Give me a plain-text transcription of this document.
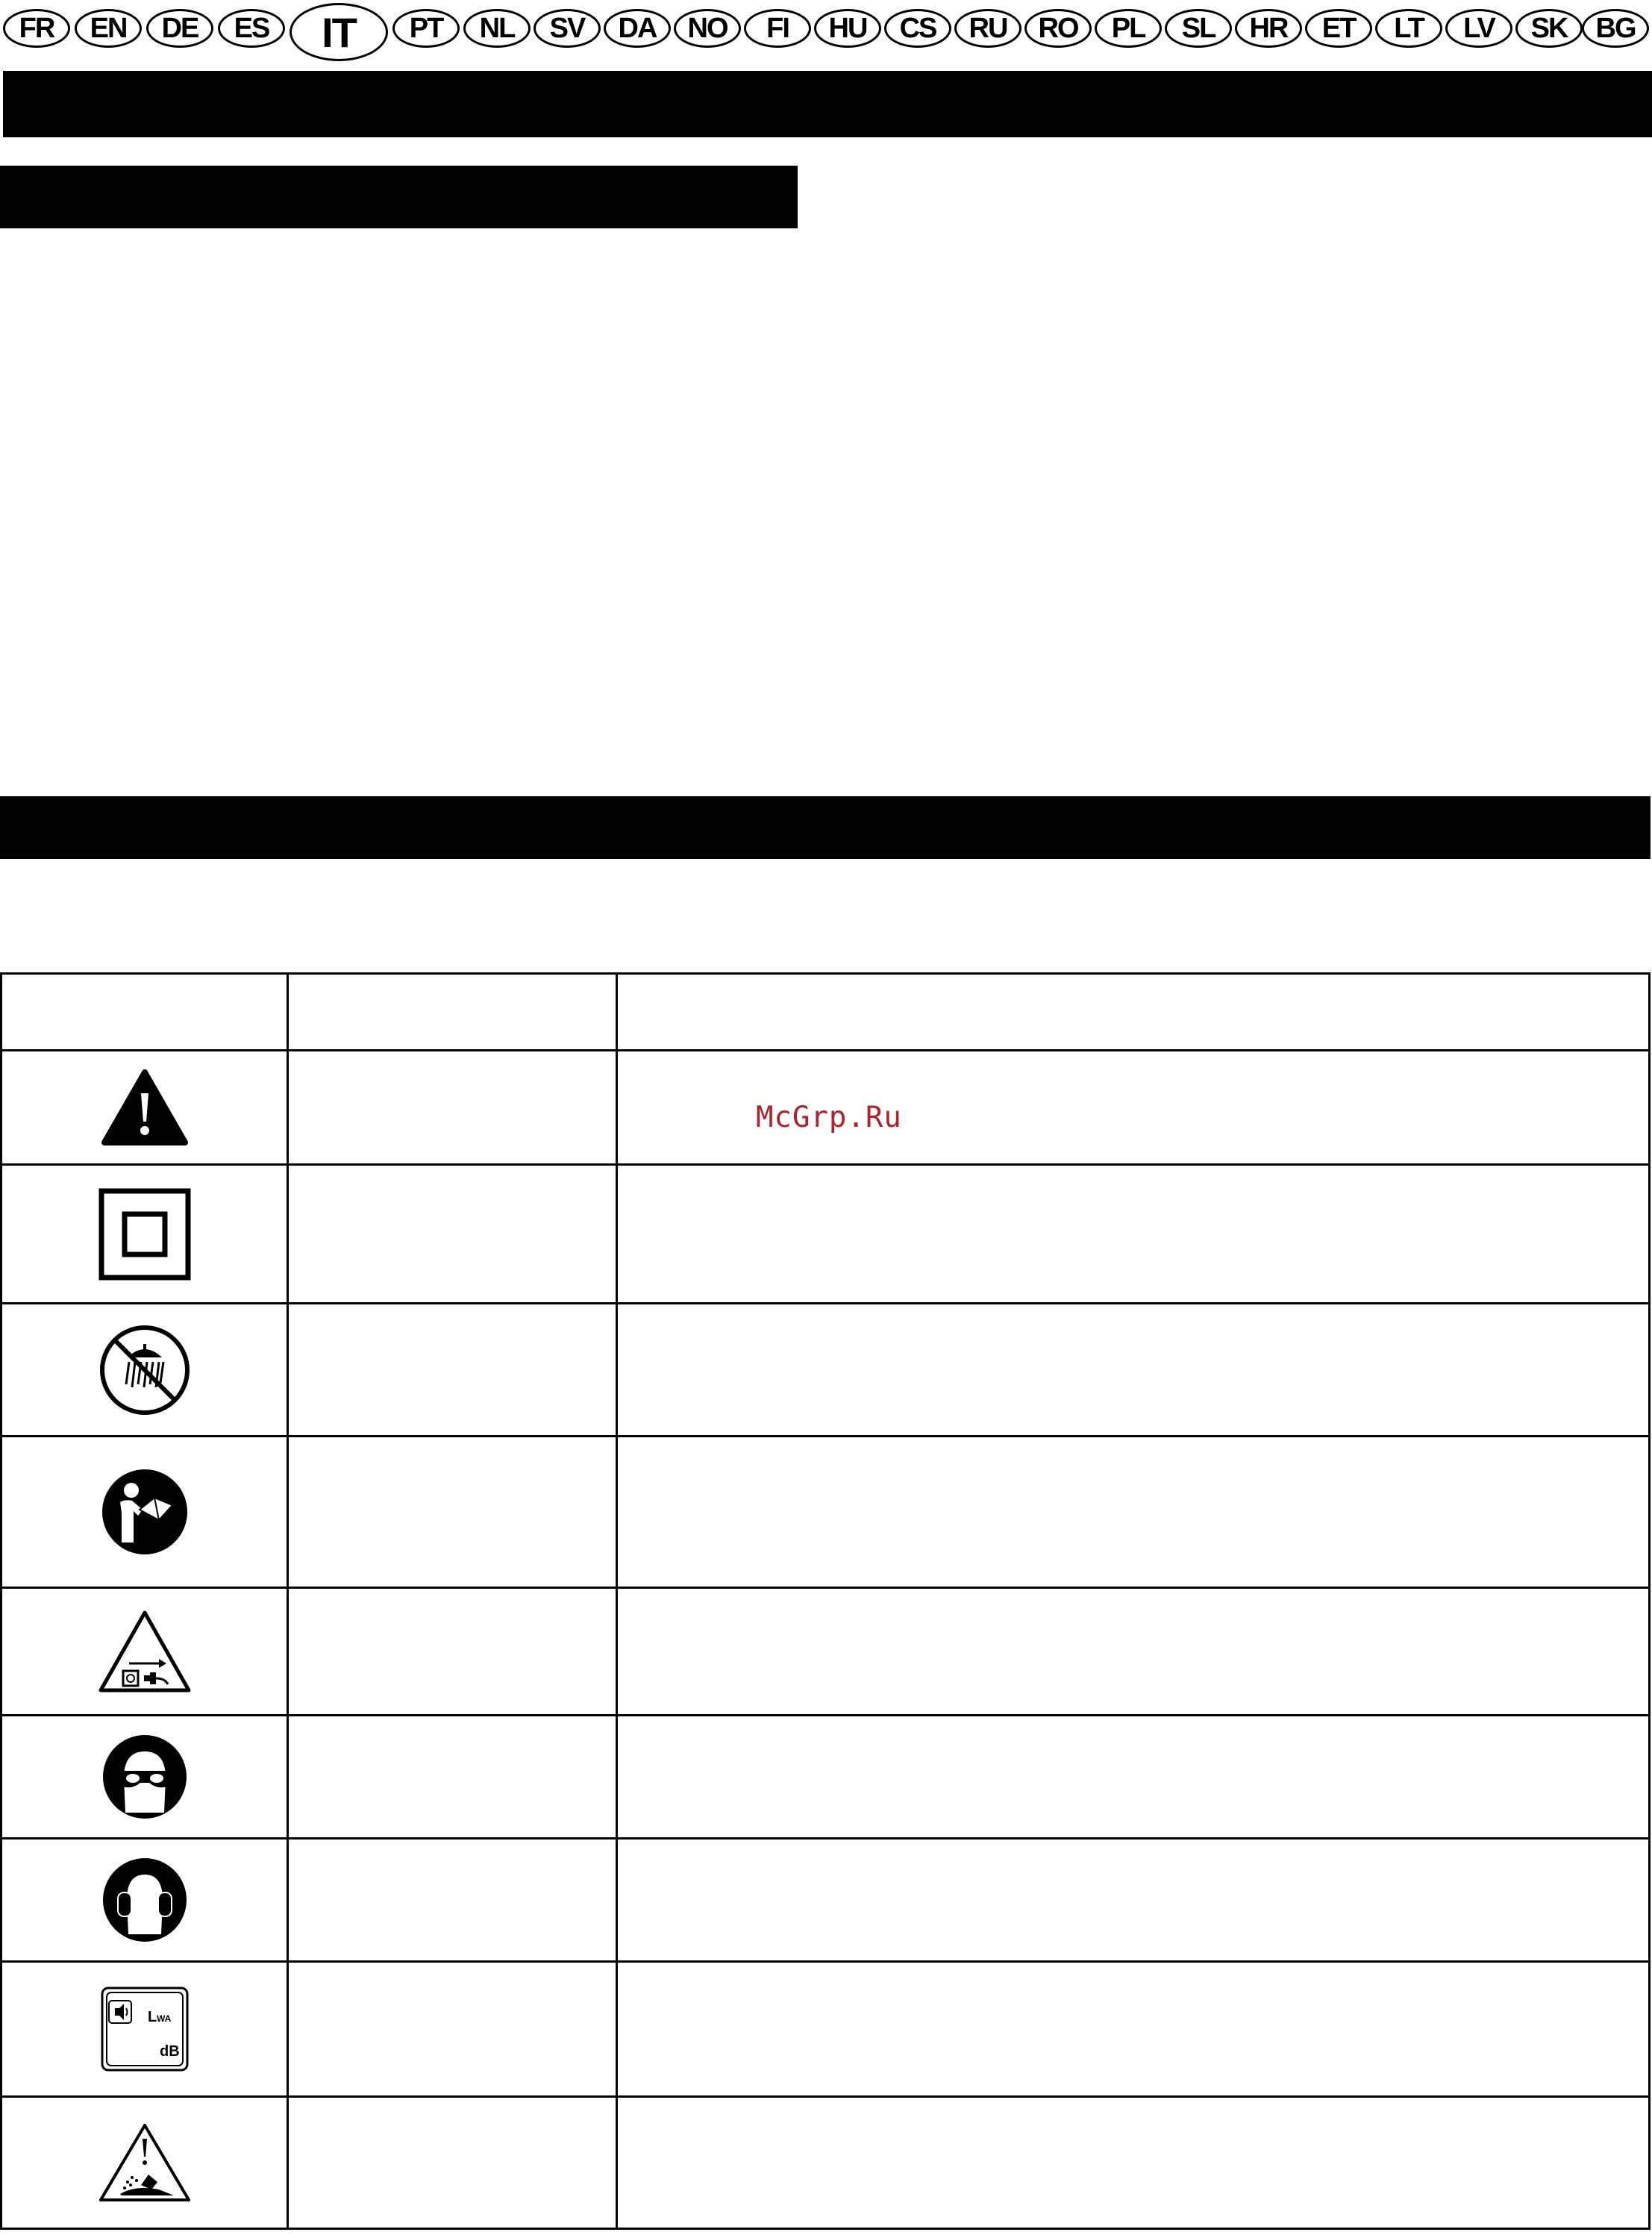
FR	EN	DE	ES	IT	PT	NL	SV	DA	NO	FI	HU	CS	RU	RO	PL	SL	HR	ET	LT	LV	SK	BG
McGrp.Ru

L WA
dB		
